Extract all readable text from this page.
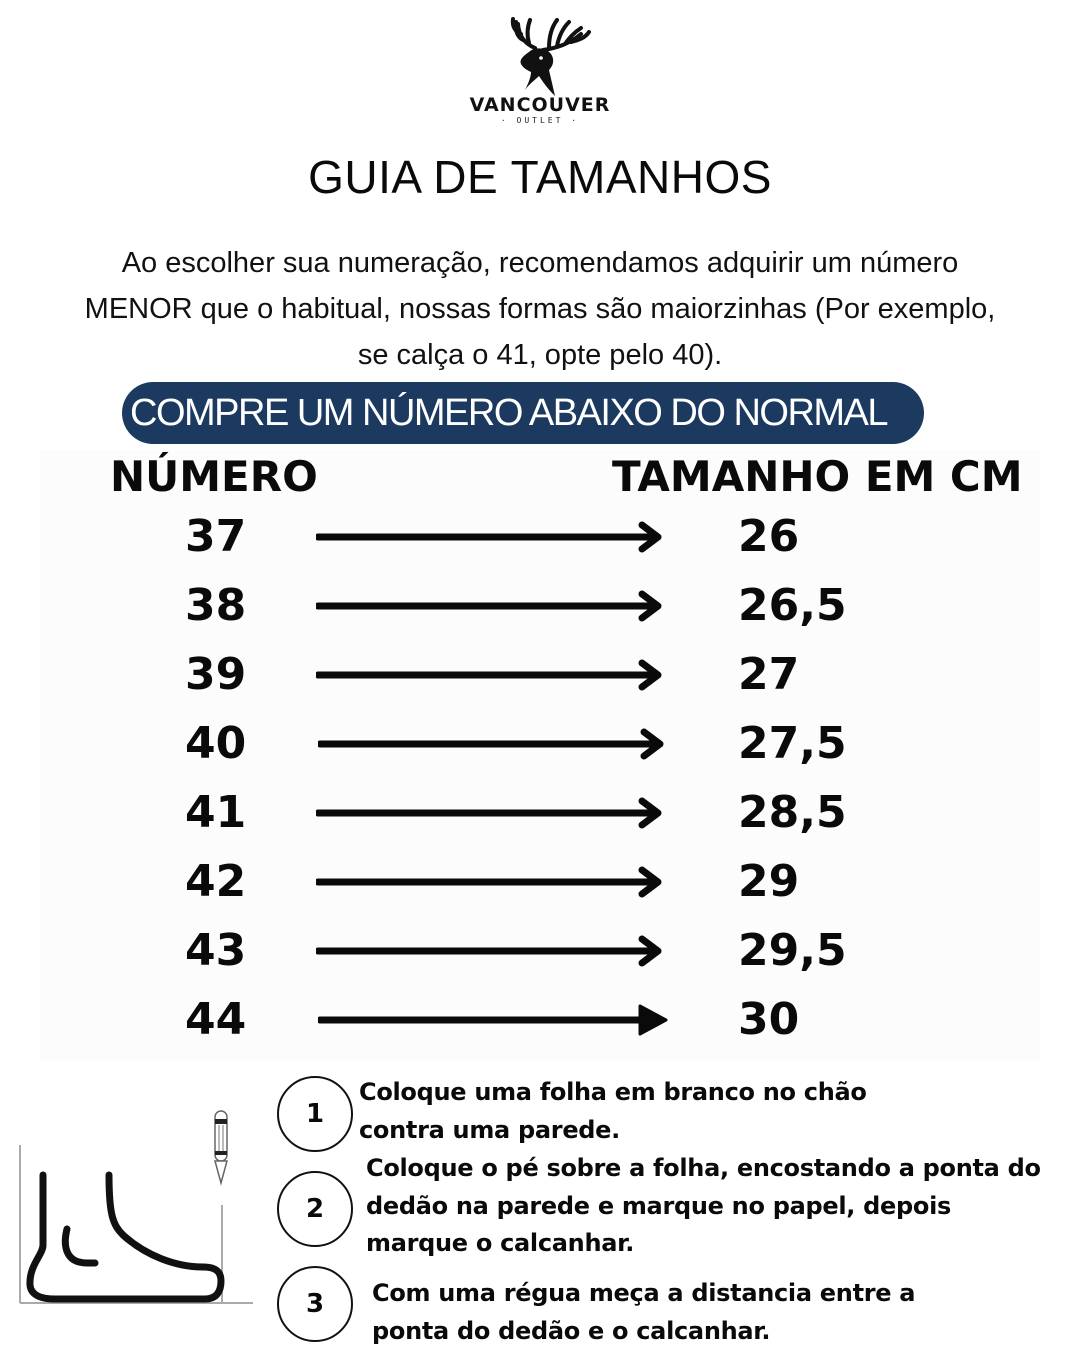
VANCOUVER
· OUTLET ·
GUIA DE TAMANHOS
Ao escolher sua numeração, recomendamos adquirir um número
MENOR que o habitual, nossas formas são maiorzinhas (Por exemplo,
se calça o 41, opte pelo 40).
COMPRE UM NÚMERO ABAIXO DO NORMAL
NÚMERO	TAMANHO EM CM
37	26
38	26,5
39	27
40	27,5
41	28,5
42	29
43	29,5
44	30
1
Coloque uma folha em branco no chão
contra uma parede.
2
Coloque o pé sobre a folha, encostando a ponta do
dedão na parede e marque no papel, depois
marque o calcanhar.
3	Com uma régua meça a distancia entre a
ponta do dedão e o calcanhar.
